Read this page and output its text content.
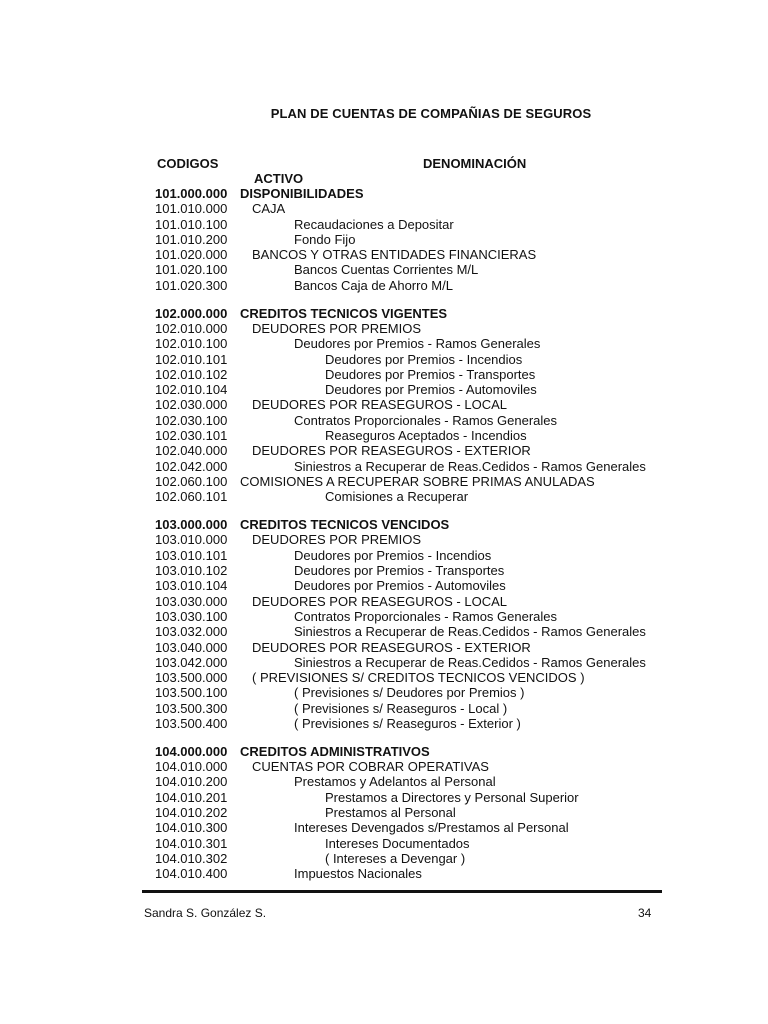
PLAN DE CUENTAS DE COMPAÑIAS DE SEGUROS
CODIGOS	DENOMINACIÓN
ACTIVO
101.000.000 DISPONIBILIDADES
101.010.000 CAJA
101.010.100	Recaudaciones a Depositar
101.010.200	Fondo Fijo
101.020.000 BANCOS Y OTRAS ENTIDADES FINANCIERAS
101.020.100	Bancos Cuentas Corrientes M/L
101.020.300	Bancos Caja de Ahorro M/L
102.000.000 CREDITOS TECNICOS VIGENTES
102.010.000 DEUDORES POR PREMIOS
102.010.100	Deudores por Premios - Ramos Generales
102.010.101	Deudores por Premios - Incendios
102.010.102	Deudores por Premios - Transportes
102.010.104	Deudores por Premios - Automoviles
102.030.000 DEUDORES POR REASEGUROS - LOCAL
102.030.100	Contratos Proporcionales - Ramos Generales
102.030.101	Reaseguros Aceptados - Incendios
102.040.000 DEUDORES POR REASEGUROS - EXTERIOR
102.042.000	Siniestros a Recuperar de Reas.Cedidos - Ramos Generales
102.060.100 COMISIONES A RECUPERAR SOBRE PRIMAS ANULADAS
102.060.101	Comisiones a Recuperar
103.000.000 CREDITOS TECNICOS VENCIDOS
103.010.000 DEUDORES POR PREMIOS
103.010.101	Deudores por Premios - Incendios
103.010.102	Deudores por Premios - Transportes
103.010.104	Deudores por Premios - Automoviles
103.030.000 DEUDORES POR REASEGUROS - LOCAL
103.030.100	Contratos Proporcionales - Ramos Generales
103.032.000	Siniestros a Recuperar de Reas.Cedidos - Ramos Generales
103.040.000 DEUDORES POR REASEGUROS - EXTERIOR
103.042.000	Siniestros a Recuperar de Reas.Cedidos - Ramos Generales
103.500.000 ( PREVISIONES S/ CREDITOS TECNICOS VENCIDOS )
103.500.100	( Previsiones s/ Deudores por Premios )
103.500.300	( Previsiones s/ Reaseguros - Local )
103.500.400	( Previsiones s/ Reaseguros - Exterior )
104.000.000 CREDITOS ADMINISTRATIVOS
104.010.000 CUENTAS POR COBRAR OPERATIVAS
104.010.200	Prestamos y Adelantos al Personal
104.010.201	Prestamos a Directores y Personal Superior
104.010.202	Prestamos al Personal
104.010.300	Intereses Devengados s/Prestamos al Personal
104.010.301	Intereses Documentados
104.010.302	( Intereses a Devengar )
104.010.400	Impuestos Nacionales
Sandra S. González S.	34
